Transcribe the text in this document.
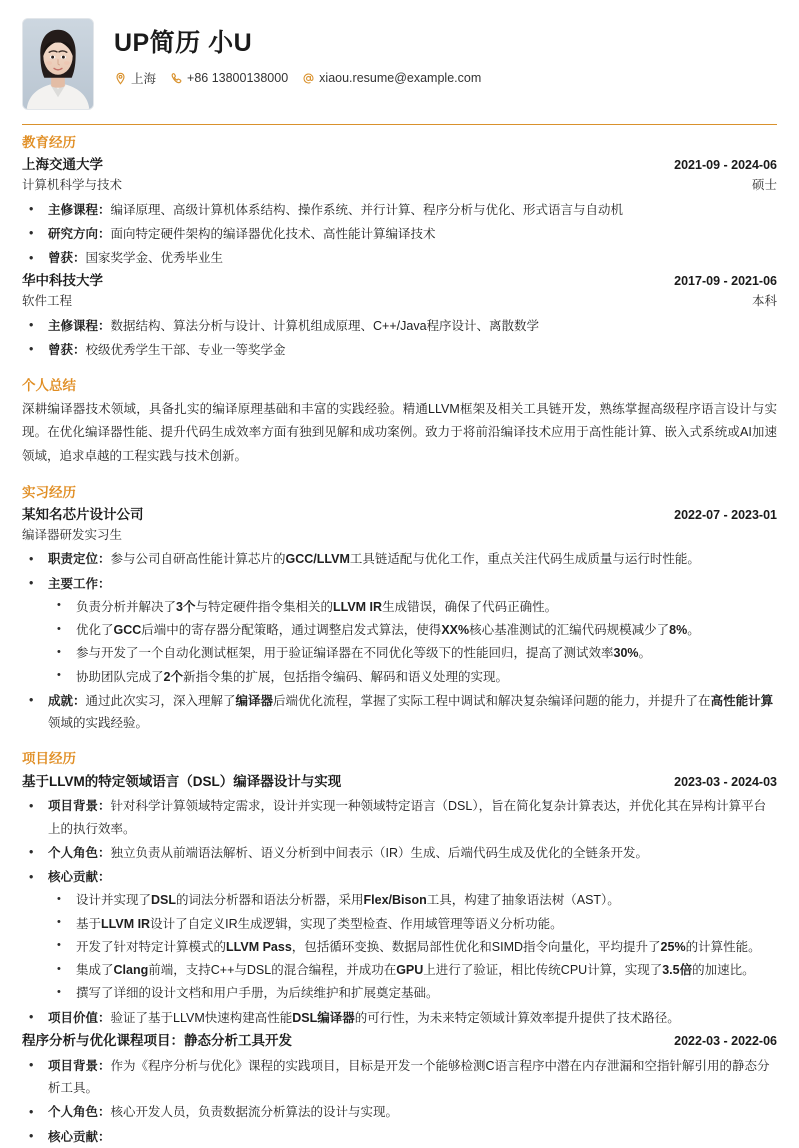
UP简历 小U
上海 +86 13800138000 xiaou.resume@example.com
教育经历
上海交通大学	2021-09 - 2024-06
计算机科学与技术	硕士
• 主修课程：编译原理、高级计算机体系结构、操作系统、并行计算、程序分析与优化、形式语言与自动机
• 研究方向：面向特定硬件架构的编译器优化技术、高性能计算编译技术
• 曾获：国家奖学金、优秀毕业生
华中科技大学	2017-09 - 2021-06
软件工程	本科
• 主修课程：数据结构、算法分析与设计、计算机组成原理、C++/Java程序设计、离散数学
• 曾获：校级优秀学生干部、专业一等奖学金
个人总结

深耕编译器技术领域，具备扎实的编译原理基础和丰富的实践经验。精通LLVM框架及相关工具链开发，熟练掌握高级程序语言设计与实现。在优化编译器性能、提升代码生成效率方面有独到见解和成功案例。致力于将前沿编译技术应用于高性能计算、嵌入式系统或AI加速领域，追求卓越的工程实践与技术创新。

实习经历
某知名芯片设计公司	2022-07 - 2023-01
编译器研发实习生
• 职责定位：参与公司自研高性能计算芯片的GCC/LLVM工具链适配与优化工作，重点关注代码生成质量与运行时性能。
• 主要工作：
• 负责分析并解决了3个与特定硬件指令集相关的LLVM IR生成错误，确保了代码正确性。
• 优化了GCC后端中的寄存器分配策略，通过调整启发式算法，使得XX%核心基准测试的汇编代码规模减少了8%。
• 参与开发了一个自动化测试框架，用于验证编译器在不同优化等级下的性能回归，提高了测试效率30%。
• 协助团队完成了2个新指令集的扩展，包括指令编码、解码和语义处理的实现。
• 成就：通过此次实习，深入理解了编译器后端优化流程，掌握了实际工程中调试和解决复杂编译问题的能力，并提升了在高性能计算领域的实践经验。
项目经历
基于LLVM的特定领域语言（DSL）编译器设计与实现	2023-03 - 2024-03
• 项目背景：针对科学计算领域特定需求，设计并实现一种领域特定语言（DSL），旨在简化复杂计算表达，并优化其在异构计算平台上的执行效率。
• 个人角色：独立负责从前端语法解析、语义分析到中间表示（IR）生成、后端代码生成及优化的全链条开发。
• 核心贡献：
• 设计并实现了DSL的词法分析器和语法分析器，采用Flex/Bison工具，构建了抽象语法树（AST）。
• 基于LLVM IR设计了自定义IR生成逻辑，实现了类型检查、作用域管理等语义分析功能。
• 开发了针对特定计算模式的LLVM Pass，包括循环变换、数据局部性优化和SIMD指令向量化，平均提升了25%的计算性能。
• 集成了Clang前端，支持C++与DSL的混合编程，并成功在GPU上进行了验证，相比传统CPU计算，实现了3.5倍的加速比。
• 撰写了详细的设计文档和用户手册，为后续维护和扩展奠定基础。
• 项目价值：验证了基于LLVM快速构建高性能DSL编译器的可行性，为未来特定领域计算效率提升提供了技术路径。
程序分析与优化课程项目：静态分析工具开发	2022-03 - 2022-06
• 项目背景：作为《程序分析与优化》课程的实践项目，目标是开发一个能够检测C语言程序中潜在内存泄漏和空指针解引用的静态分析工具。
• 个人角色：核心开发人员，负责数据流分析算法的设计与实现。
• 核心贡献：
